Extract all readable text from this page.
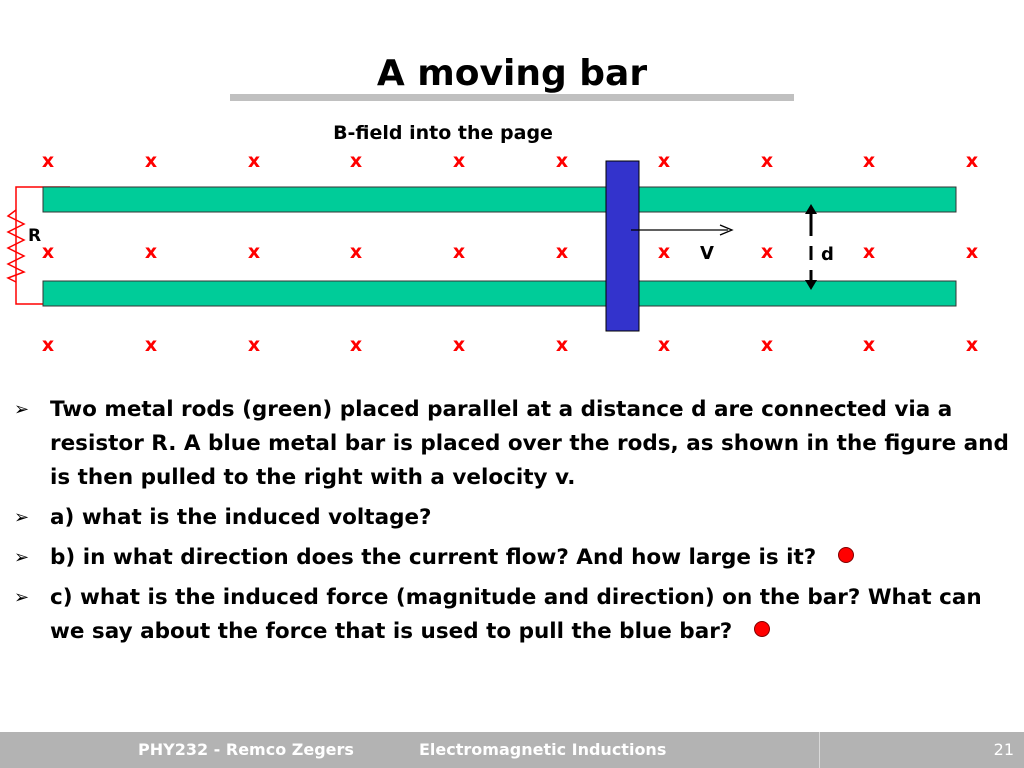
A moving bar
B-field into the page
x	x	x	x	x	x	x	x	x	x
x	x	x	x	x	x	x	x	x	x
x	x	x	x	x	x	x	x	x	x
R
V	d
➢ Two metal rods (green) placed parallel at a distance d are connected via a resistor R. A blue metal bar is placed over the rods, as shown in the figure and is then pulled to the right with a velocity v.
➢ a) what is the induced voltage?
➢ b) in what direction does the current flow? And how large is it?
➢ c) what is the induced force (magnitude and direction) on the bar? What can we say about the force that is used to pull the blue bar?
PHY232 - Remco Zegers	Electromagnetic Inductions	21
